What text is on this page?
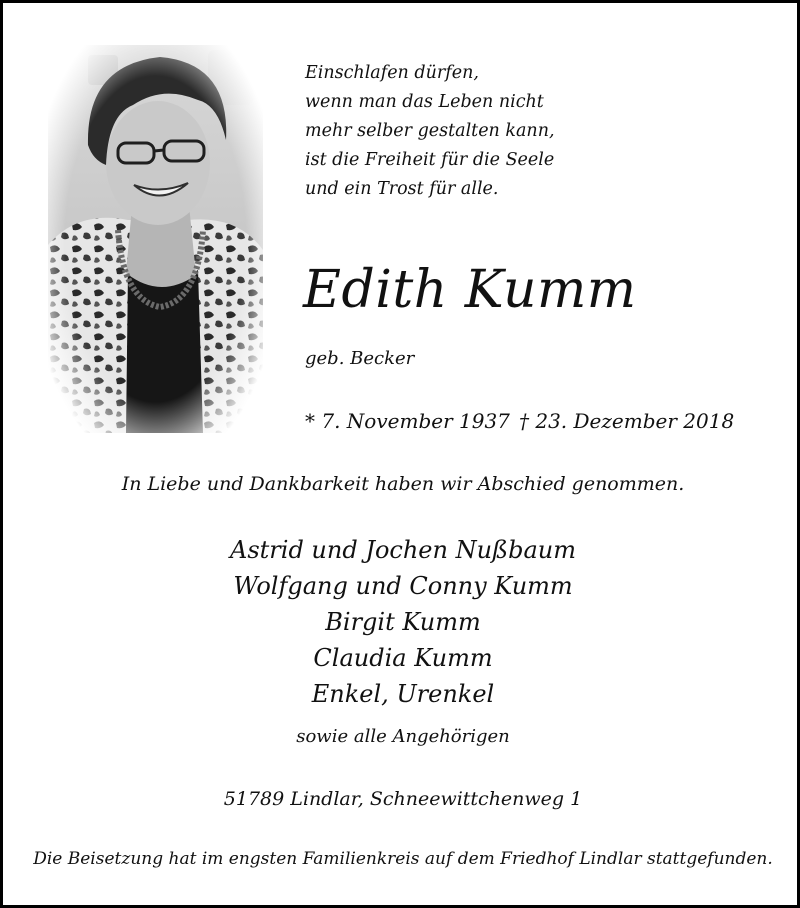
Einschlafen dürfen,
wenn man das Leben nicht
mehr selber gestalten kann,
ist die Freiheit für die Seele
und ein Trost für alle.
Edith Kumm
geb. Becker
* 7. November 1937 † 23. Dezember 2018
In Liebe und Dankbarkeit haben wir Abschied genommen.
Astrid und Jochen Nußbaum
Wolfgang und Conny Kumm
Birgit Kumm
Claudia Kumm
Enkel, Urenkel
sowie alle Angehörigen
51789 Lindlar, Schneewittchenweg 1
Die Beisetzung hat im engsten Familienkreis auf dem Friedhof Lindlar stattgefunden.
